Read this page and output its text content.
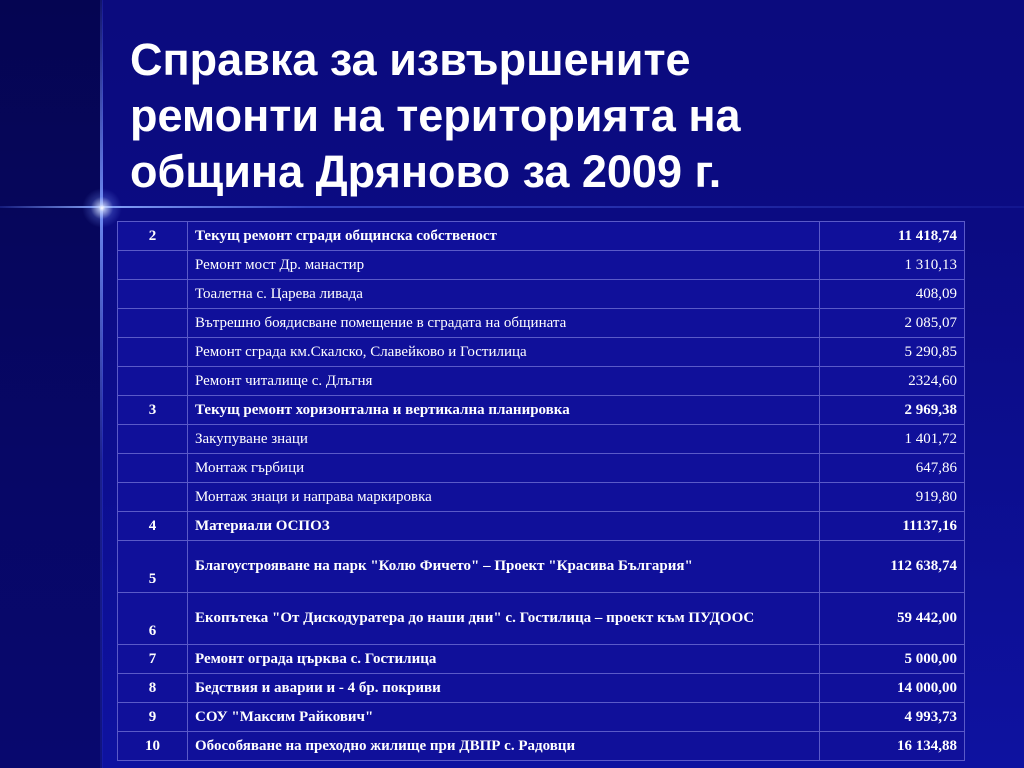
Справка за извършените
ремонти на територията на
община Дряново за 2009 г.
2	Текущ ремонт сгради общинска собственост	11 418,74
	Ремонт мост Др. манастир	1 310,13
	Тоалетна с. Царева ливада	408,09
	Вътрешно боядисване помещение в сградата на общината	2 085,07
	Ремонт сграда км.Скалско, Славейково и Гостилица	5 290,85
	Ремонт читалище с. Длъгня	2324,60
3	Текущ ремонт хоризонтална и вертикална планировка	2 969,38
	Закупуване знаци	1 401,72
	Монтаж гърбици	647,86
	Монтаж знаци и направа маркировка	919,80
4	Материали ОСПОЗ	11137,16
5	Благоустрояване на парк "Колю Фичето" – Проект "Красива България"	112 638,74
6	Екопътека "От Дискодуратера до наши дни" с. Гостилица – проект към ПУДООС	59 442,00
7	Ремонт ограда църква с. Гостилица	5 000,00
8	Бедствия и аварии и - 4 бр. покриви	14 000,00
9	СОУ "Максим Райкович"	4 993,73
10	Обособяване на преходно жилище при ДВПР с. Радовци	16 134,88
